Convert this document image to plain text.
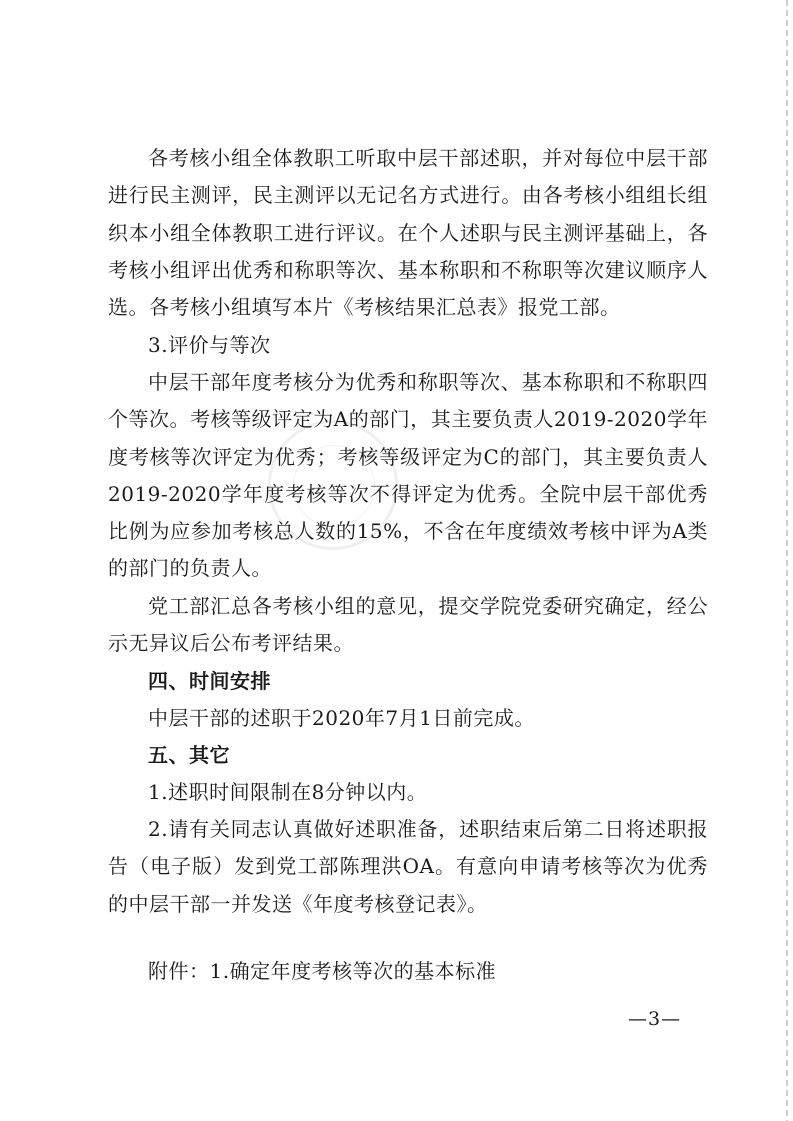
各考核小组全体教职工听取中层干部述职，并对每位中层干部进行民主测评，民主测评以无记名方式进行。由各考核小组组长组织本小组全体教职工进行评议。在个人述职与民主测评基础上，各考核小组评出优秀和称职等次、基本称职和不称职等次建议顺序人选。各考核小组填写本片《考核结果汇总表》报党工部。

3.评价与等次

中层干部年度考核分为优秀和称职等次、基本称职和不称职四个等次。考核等级评定为A的部门，其主要负责人2019-2020学年度考核等次评定为优秀；考核等级评定为C的部门，其主要负责人2019-2020学年度考核等次不得评定为优秀。全院中层干部优秀比例为应参加考核总人数的15%，不含在年度绩效考核中评为A类的部门的负责人。

党工部汇总各考核小组的意见，提交学院党委研究确定，经公示无异议后公布考评结果。

四、时间安排

中层干部的述职于2020年7月1日前完成。

五、其它

1.述职时间限制在8分钟以内。

2.请有关同志认真做好述职准备，述职结束后第二日将述职报告（电子版）发到党工部陈理洪OA。有意向申请考核等次为优秀的中层干部一并发送《年度考核登记表》。

附件：1.确定年度考核等次的基本标准
—3—
